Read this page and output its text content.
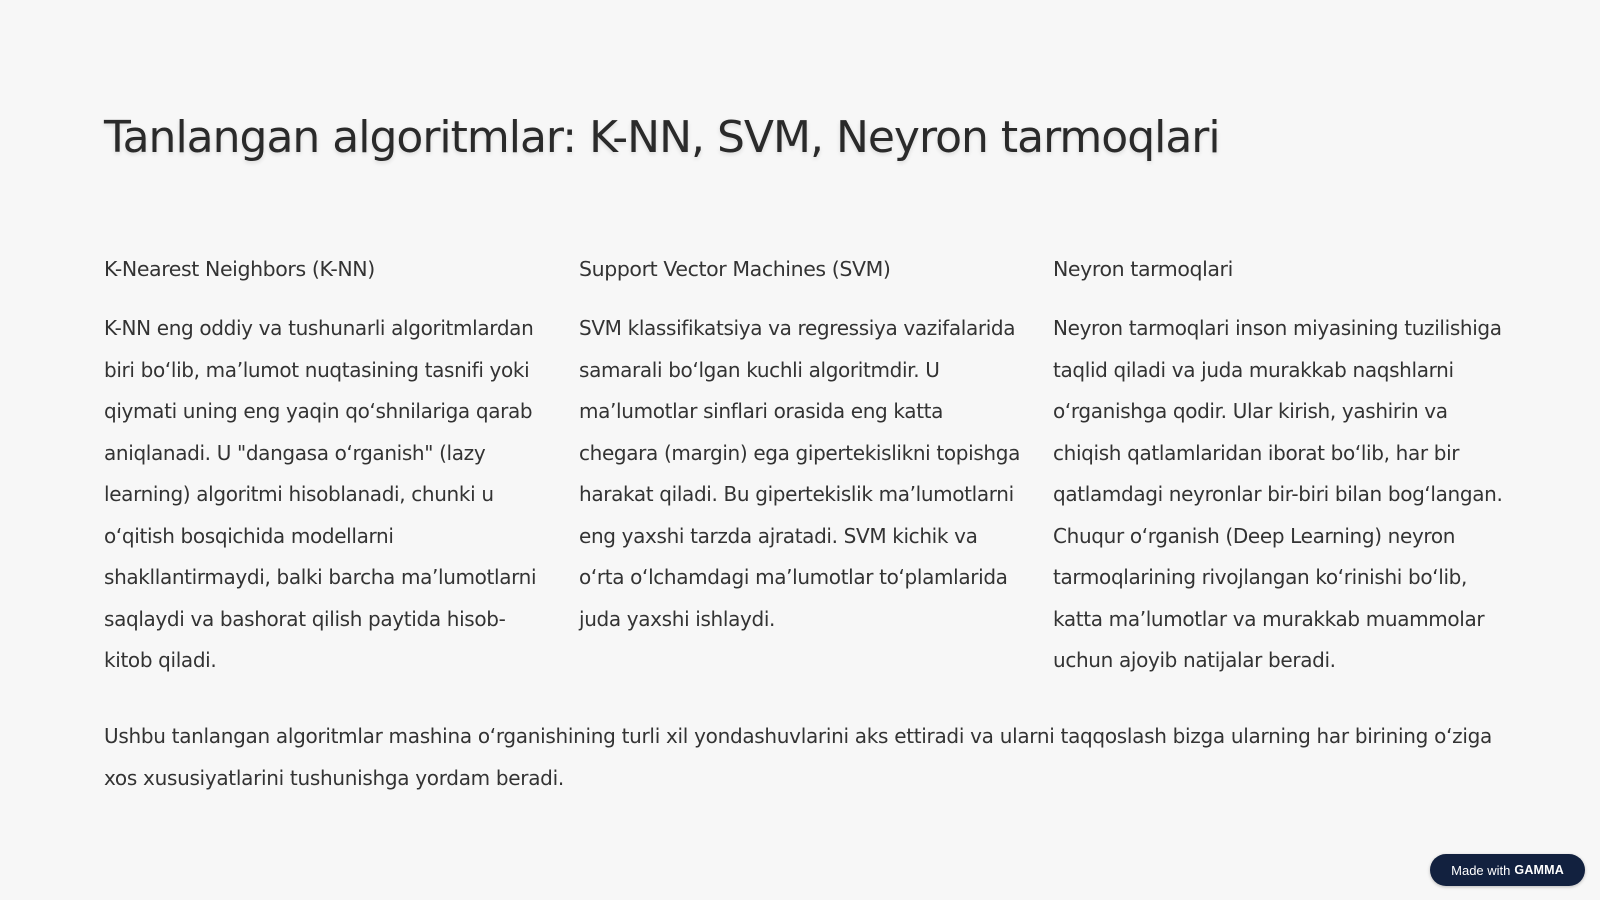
Tanlangan algoritmlar: K-NN, SVM, Neyron tarmoqlari
K-Nearest Neighbors (K-NN)

K-NN eng oddiy va tushunarli algoritmlardan biri bo‘lib, ma’lumot nuqtasining tasnifi yoki qiymati uning eng yaqin qo‘shnilariga qarab aniqlanadi. U "dangasa o‘rganish" (lazy learning) algoritmi hisoblanadi, chunki u o‘qitish bosqichida modellarni shakllantirmaydi, balki barcha ma’lumotlarni saqlaydi va bashorat qilish paytida hisob-kitob qiladi.

Support Vector Machines (SVM)

SVM klassifikatsiya va regressiya vazifalarida samarali bo‘lgan kuchli algoritmdir. U ma’lumotlar sinflari orasida eng katta chegara (margin) ega gipertekislikni topishga harakat qiladi. Bu gipertekislik ma’lumotlarni eng yaxshi tarzda ajratadi. SVM kichik va o‘rta o‘lchamdagi ma’lumotlar to‘plamlarida juda yaxshi ishlaydi.

Neyron tarmoqlari

Neyron tarmoqlari inson miyasining tuzilishiga taqlid qiladi va juda murakkab naqshlarni o‘rganishga qodir. Ular kirish, yashirin va chiqish qatlamlaridan iborat bo‘lib, har bir qatlamdagi neyronlar bir-biri bilan bog‘langan. Chuqur o‘rganish (Deep Learning) neyron tarmoqlarining rivojlangan ko‘rinishi bo‘lib, katta ma’lumotlar va murakkab muammolar uchun ajoyib natijalar beradi.

Ushbu tanlangan algoritmlar mashina o‘rganishining turli xil yondashuvlarini aks ettiradi va ularni taqqoslash bizga ularning har birining o‘ziga xos xususiyatlarini tushunishga yordam beradi.

Made with GAMMA
